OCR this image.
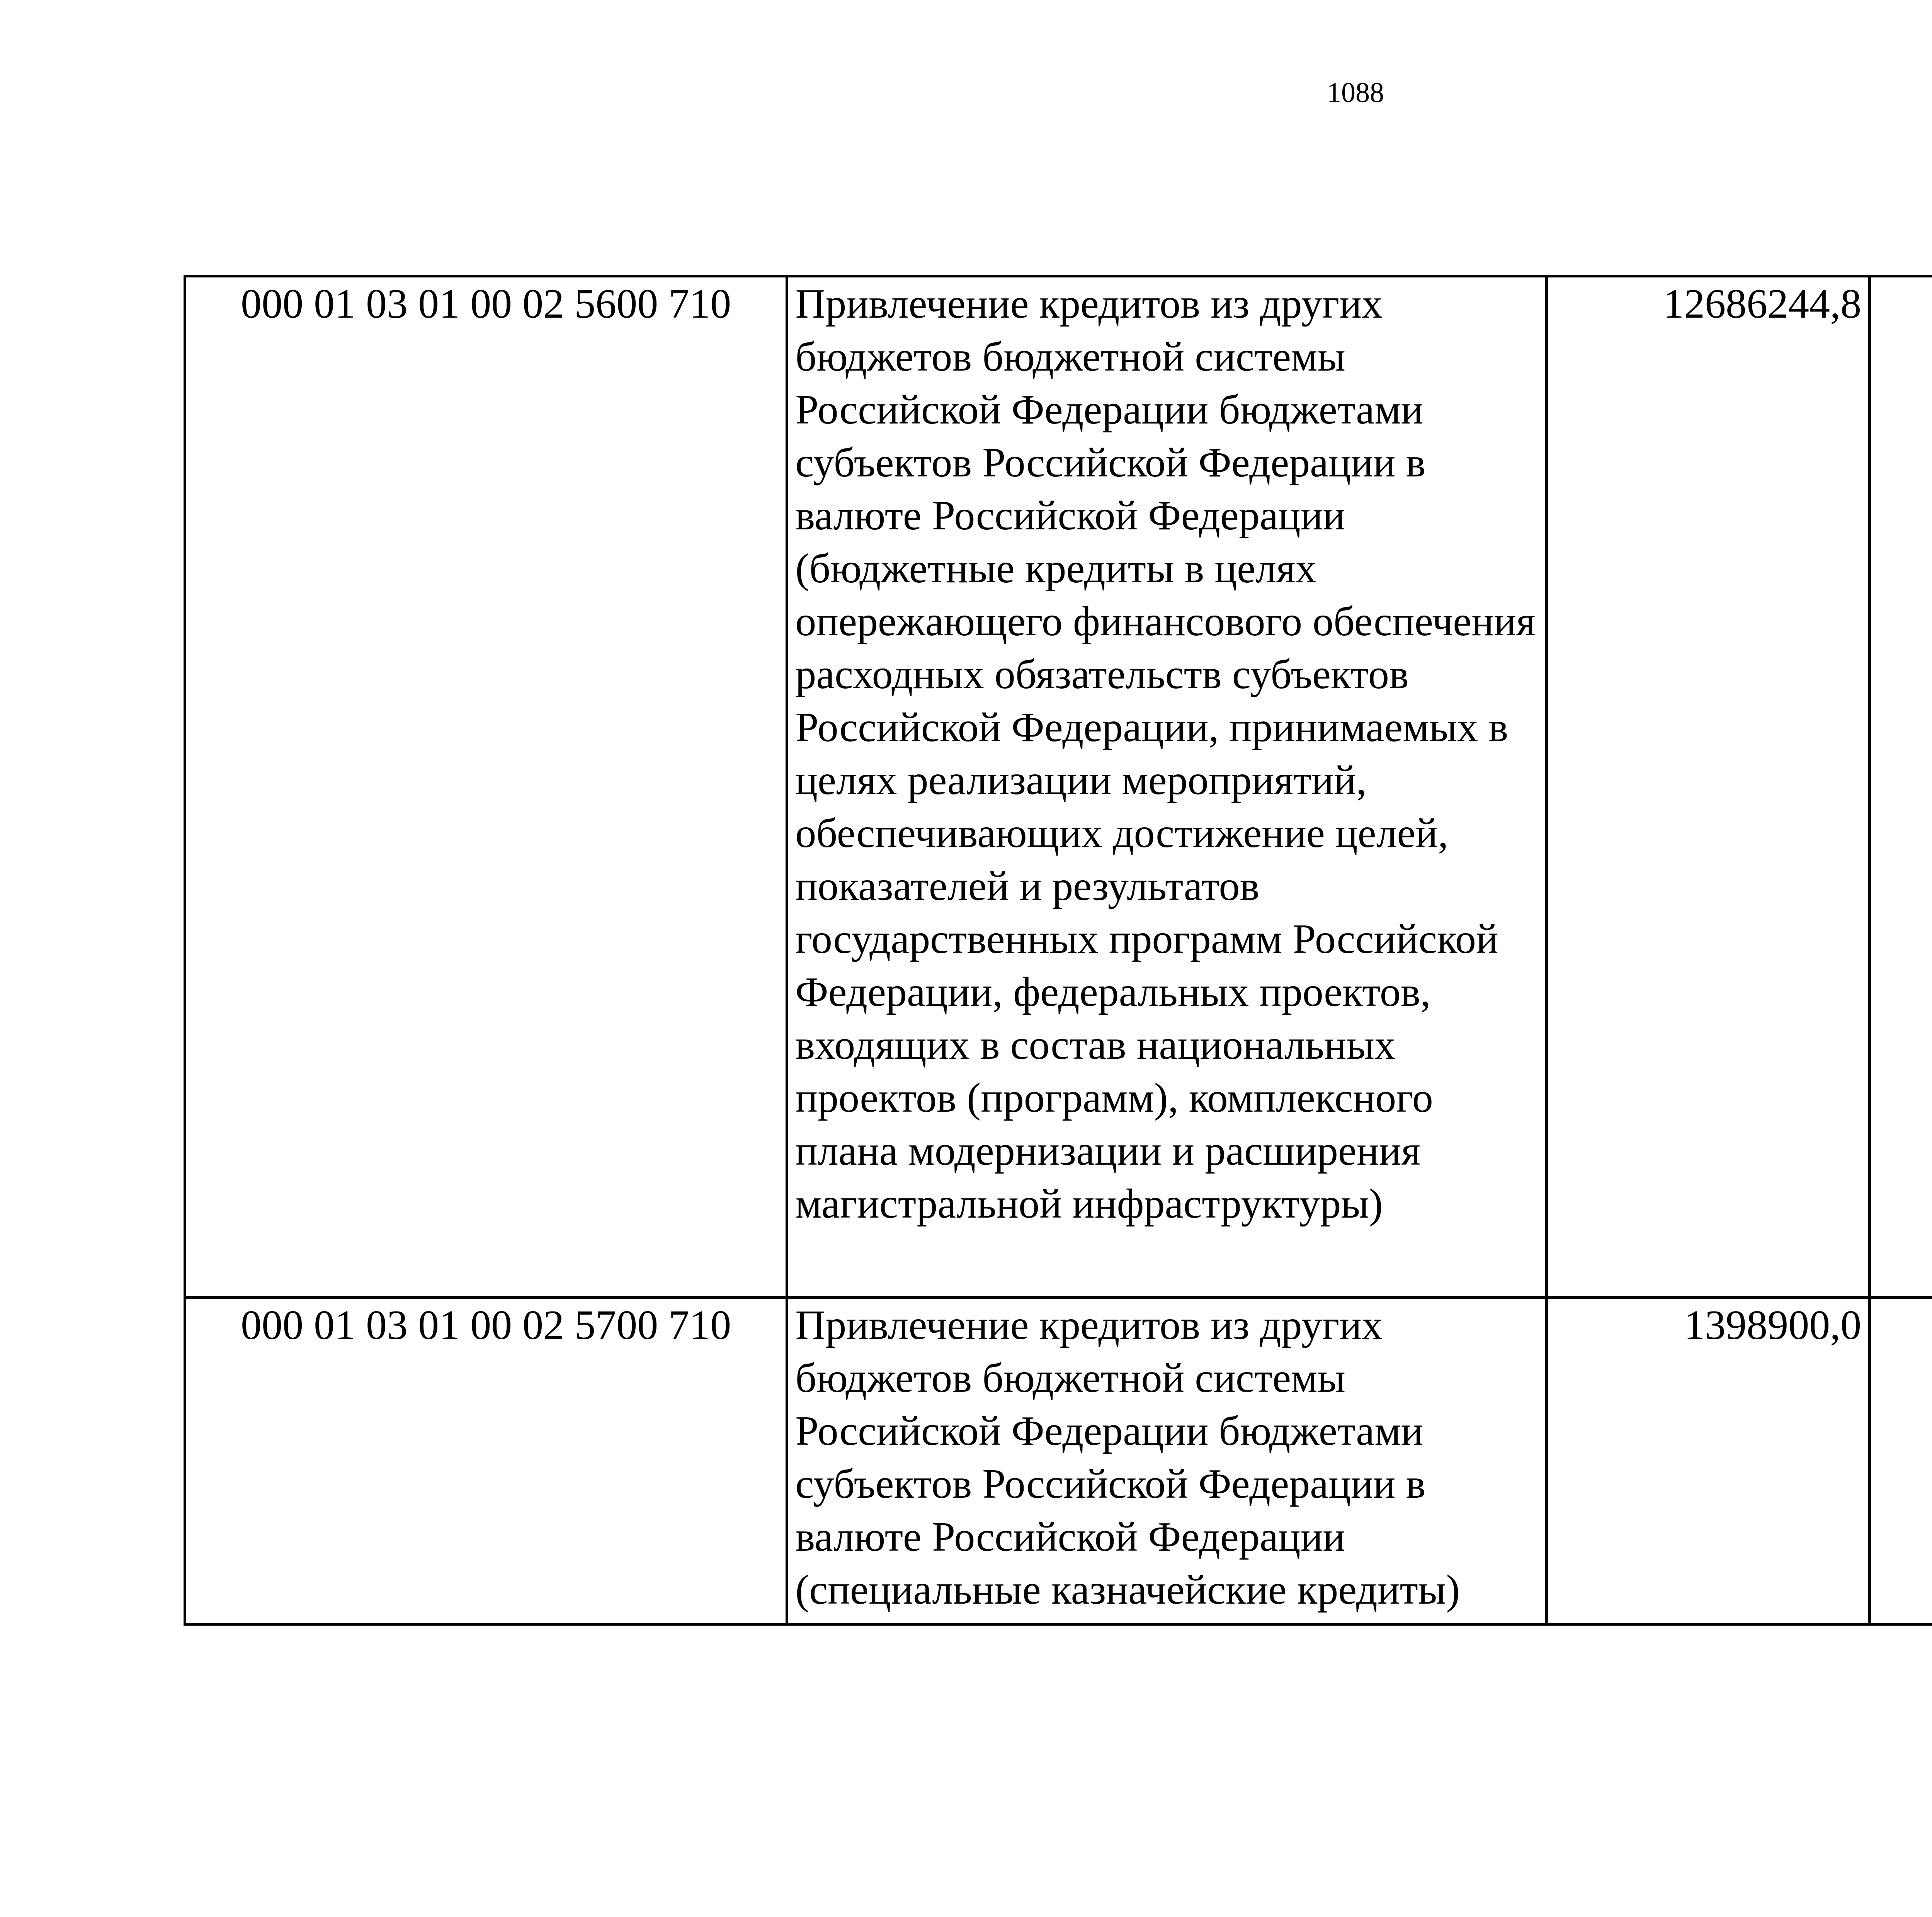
1088
000 01 03 01 00 02 5600 710	Привлечение кредитов из других бюджетов бюджетной системы Российской Федерации бюджетами субъектов Российской Федерации в валюте Российской Федерации (бюджетные кредиты в целях опережающего финансового обеспечения расходных обязательств субъектов Российской Федерации, принимаемых в целях реализации мероприятий, обеспечивающих достижение целей, показателей и результатов государственных программ Российской Федерации, федеральных проектов, входящих в состав национальных проектов (программ), комплексного плана модернизации и расширения магистральной инфраструктуры)	12686244,8		
000 01 03 01 00 02 5700 710	Привлечение кредитов из других бюджетов бюджетной системы Российской Федерации бюджетами субъектов Российской Федерации в валюте Российской Федерации (специальные казначейские кредиты)	1398900,0		
